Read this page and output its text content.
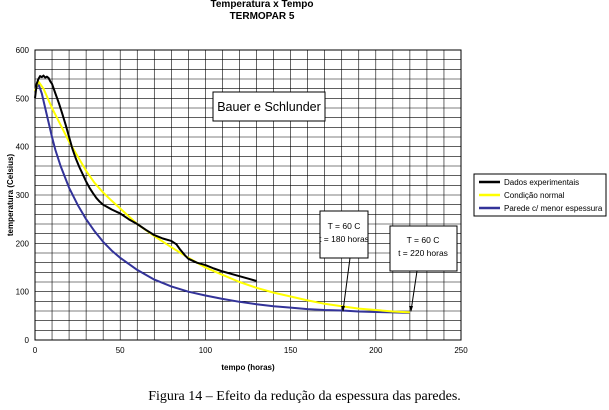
Temperatura x Tempo
TERMOPAR 5
0	50	100	150	200	250
0
100
200
300
400
500
600
temperatura (Celsius)
tempo (horas)
Bauer e Schlunder
T = 60 C
t = 180 horas	T = 60 C
t = 220 horas
Dados experimentais
Condição normal
Parede c/ menor espessura
Figura 14 – Efeito da redução da espessura das paredes.
